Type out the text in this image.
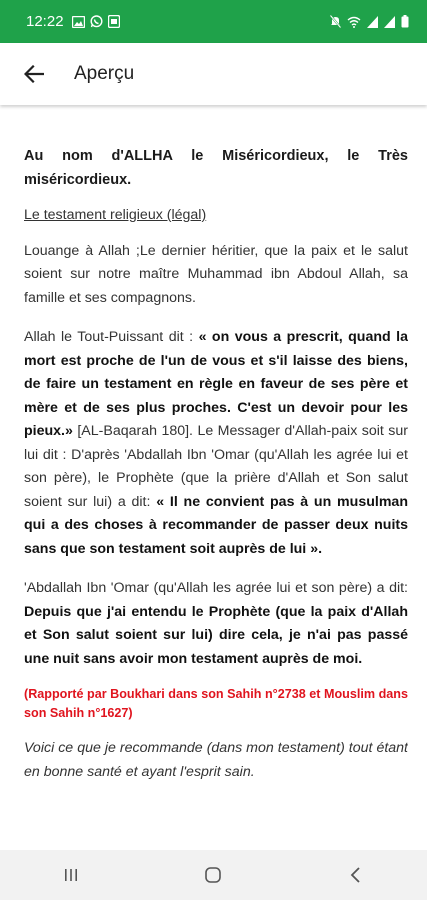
12:22
Aperçu

Au nom d'ALLHA le Miséricordieux, le Très miséricordieux.

Le testament religieux (légal)

Louange à Allah ;Le dernier héritier, que la paix et le salut soient sur notre maître Muhammad ibn Abdoul Allah, sa famille et ses compagnons.

Allah le Tout-Puissant dit : « on vous a prescrit, quand la mort est proche de l'un de vous et s'il laisse des biens, de faire un testament en règle en faveur de ses père et mère et de ses plus proches. C'est un devoir pour les pieux.» [AL-Baqarah 180]. Le Messager d'Allah-paix soit sur lui dit : D'après 'Abdallah Ibn 'Omar (qu'Allah les agrée lui et son père), le Prophète (que la prière d'Allah et Son salut soient sur lui) a dit: « Il ne convient pas à un musulman qui a des choses à recommander de passer deux nuits sans que son testament soit auprès de lui ».

'Abdallah Ibn 'Omar (qu'Allah les agrée lui et son père) a dit: Depuis que j'ai entendu le Prophète (que la paix d'Allah et Son salut soient sur lui) dire cela, je n'ai pas passé une nuit sans avoir mon testament auprès de moi.

(Rapporté par Boukhari dans son Sahih n°2738 et Mouslim dans son Sahih n°1627)

Voici ce que je recommande (dans mon testament) tout étant en bonne santé et ayant l'esprit sain.
